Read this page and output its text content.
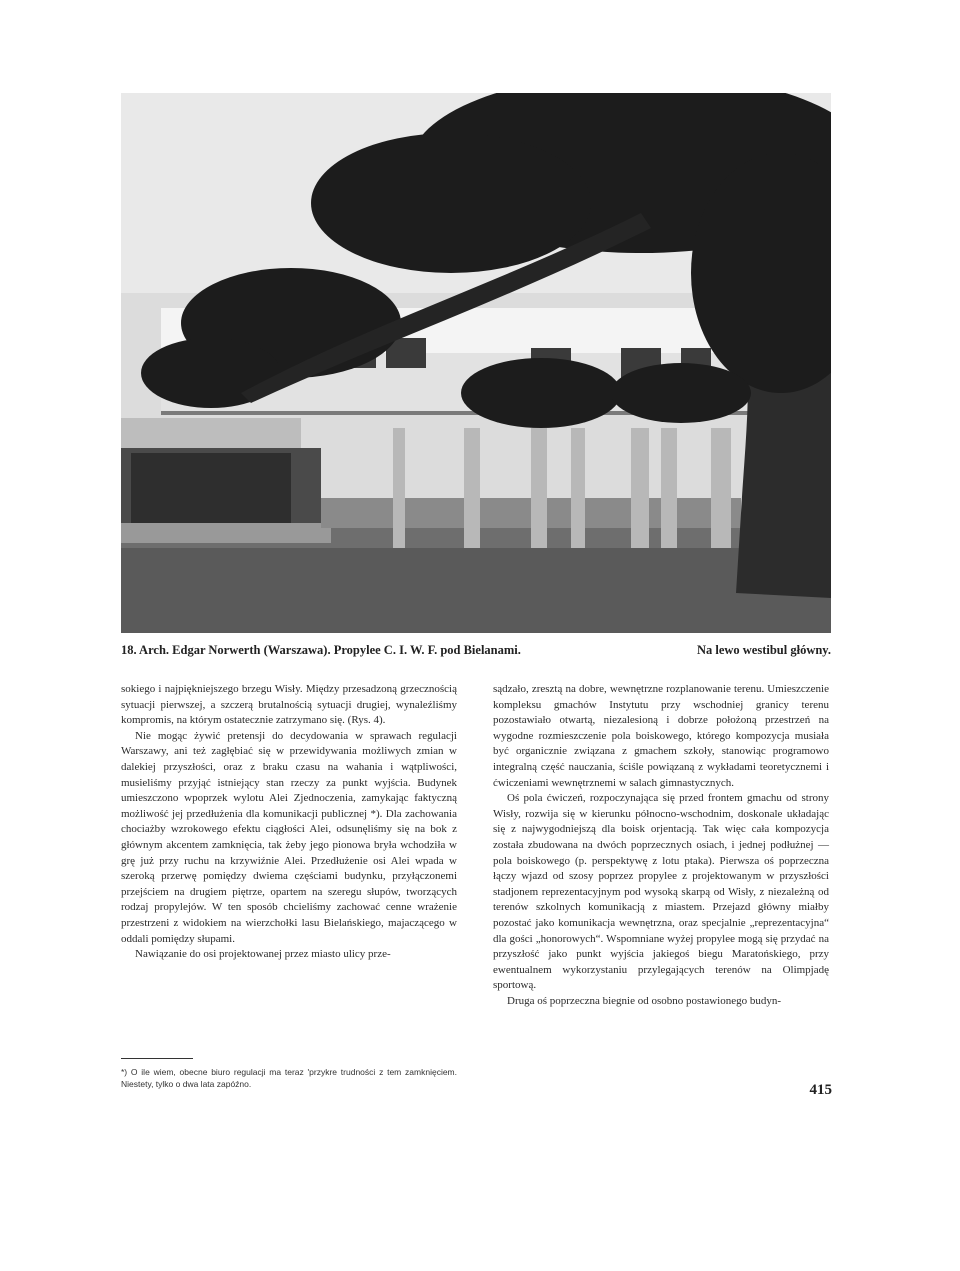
18. Arch. Edgar Norwerth (Warszawa). Propylee C. I. W. F. pod Bielanami.	Na lewo westibul główny.

sokiego i najpiękniejszego brzegu Wisły. Między przesadzoną grzecznością sytuacji pierwszej, a szczerą brutalnością sytuacji drugiej, wynaleźliśmy kompromis, na którym ostatecznie zatrzymano się. (Rys. 4).

Nie mogąc żywić pretensji do decydowania w sprawach regulacji Warszawy, ani też zagłębiać się w przewidywania możliwych zmian w dalekiej przyszłości, oraz z braku czasu na wahania i wątpliwości, musieliśmy przyjąć istniejący stan rzeczy za punkt wyjścia. Budynek umieszczono wpoprzek wylotu Alei Zjednoczenia, zamykając faktyczną możliwość jej przedłużenia dla komunikacji publicznej *). Dla zachowania chociażby wzrokowego efektu ciągłości Alei, odsunęliśmy się na bok z głównym akcentem zamknięcia, tak żeby jego pionowa bryła wchodziła w grę już przy ruchu na krzywiźnie Alei. Przedłużenie osi Alei wpada w szeroką przerwę pomiędzy dwiema częściami budynku, przyłączonemi przejściem na drugiem piętrze, opartem na szeregu słupów, tworzących rodzaj propylejów. W ten sposób chcieliśmy zachować cenne wrażenie przestrzeni z widokiem na wierzchołki lasu Bielańskiego, majaczącego w oddali pomiędzy słupami.

Nawiązanie do osi projektowanej przez miasto ulicy prze-

*) O ile wiem, obecne biuro regulacji ma teraz 'przykre trudności z tem zamknięciem. Niestety, tylko o dwa lata zapóźno.

sądzało, zresztą na dobre, wewnętrzne rozplanowanie terenu. Umieszczenie kompleksu gmachów Instytutu przy wschodniej granicy terenu pozostawiało otwartą, niezalesioną i dobrze położoną przestrzeń na wygodne rozmieszczenie pola boiskowego, którego kompozycja musiała być organicznie związana z gmachem szkoły, stanowiąc programowo integralną część nauczania, ściśle powiązaną z wykładami teoretycznemi i ćwiczeniami wewnętrznemi w salach gimnastycznych.

Oś pola ćwiczeń, rozpoczynająca się przed frontem gmachu od strony Wisły, rozwija się w kierunku północno-wschodnim, doskonale układając się z najwygodniejszą dla boisk orjentacją. Tak więc cała kompozycja została zbudowana na dwóch poprzecznych osiach, i jednej podłużnej — pola boiskowego (p. perspektywę z lotu ptaka). Pierwsza oś poprzeczna łączy wjazd od szosy poprzez propylee z projektowanym w przyszłości stadjonem reprezentacyjnym pod wysoką skarpą od Wisły, z niezależną od terenów szkolnych komunikacją z miastem. Przejazd główny miałby pozostać jako komunikacja wewnętrzna, oraz specjalnie „reprezentacyjna“ dla gości „honorowych“. Wspomniane wyżej propylee mogą się przydać na przyszłość jako punkt wyjścia jakiegoś biegu Maratońskiego, przy ewentualnem wykorzystaniu przylegających terenów na Olimpjadę sportową.

Druga oś poprzeczna biegnie od osobno postawionego budyn-

415
